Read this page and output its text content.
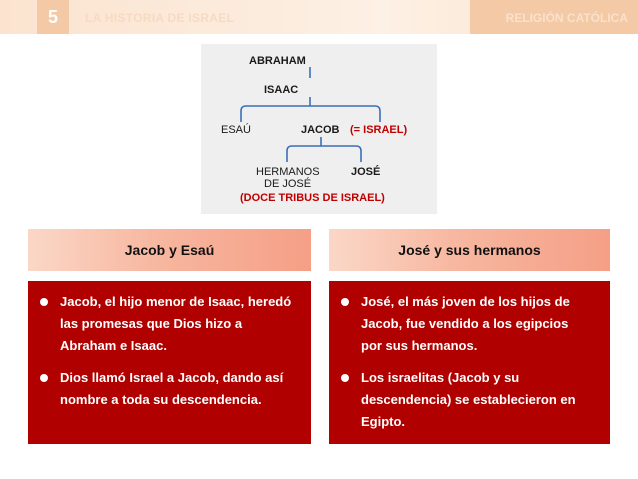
5	LA HISTORIA DE ISRAEL	RELIGIÓN CATÓLICA
ABRAHAM
ISAAC
ESAÚ	JACOB (= ISRAEL)
HERMANOS
DE JOSÉ
JOSÉ
(DOCE TRIBUS DE ISRAEL)
Jacob y Esaú	José y sus hermanos
Jacob, el hijo menor de Isaac, heredó las promesas que Dios hizo a Abraham e Isaac.
Dios llamó Israel a Jacob, dando así nombre a toda su descendencia.
José, el más joven de los hijos de Jacob, fue vendido a los egipcios por sus hermanos.
Los israelitas (Jacob y su descendencia) se establecieron en Egipto.
